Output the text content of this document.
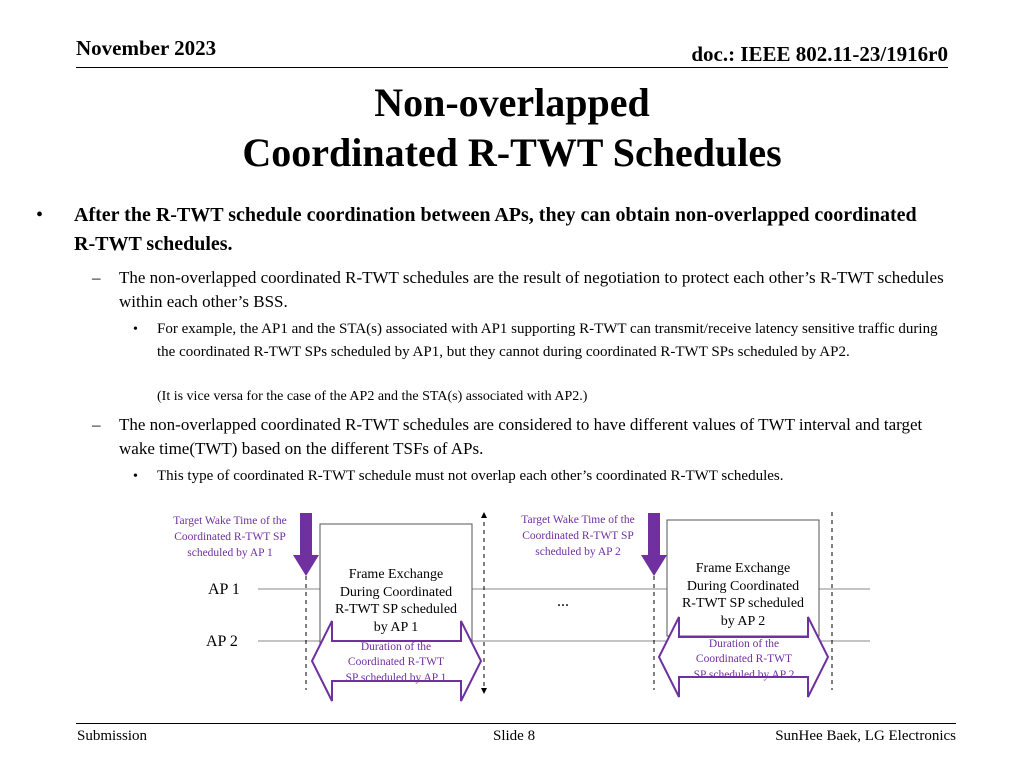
November 2023	doc.: IEEE 802.11-23/1916r0
Non-overlapped
Coordinated R-TWT Schedules
• After the R-TWT schedule coordination between APs, they can obtain non-overlapped coordinated R-TWT schedules.
– The non-overlapped coordinated R-TWT schedules are the result of negotiation to protect each other’s R-TWT schedules within each other’s BSS.
• For example, the AP1 and the STA(s) associated with AP1 supporting R-TWT can transmit/receive latency sensitive traffic during the coordinated R-TWT SPs scheduled by AP1, but they cannot during coordinated R-TWT SPs scheduled by AP2.
(It is vice versa for the case of the AP2 and the STA(s) associated with AP2.)
– The non-overlapped coordinated R-TWT schedules are considered to have different values of TWT interval and target wake time(TWT) based on the different TSFs of APs.
• This type of coordinated R-TWT schedule must not overlap each other’s coordinated R-TWT schedules.
AP 1
AP 2
Target Wake Time of the
Coordinated R-TWT SP
scheduled by AP 1
Target Wake Time of the
Coordinated R-TWT SP
scheduled by AP 2
Frame Exchange
During Coordinated
R-TWT SP scheduled
by AP 1
Frame Exchange
During Coordinated
R-TWT SP scheduled
by AP 2
...
Duration of the
Coordinated R-TWT
SP scheduled by AP 1
Duration of the
Coordinated R-TWT
SP scheduled by AP 2
Submission	Slide 8	SunHee Baek, LG Electronics
